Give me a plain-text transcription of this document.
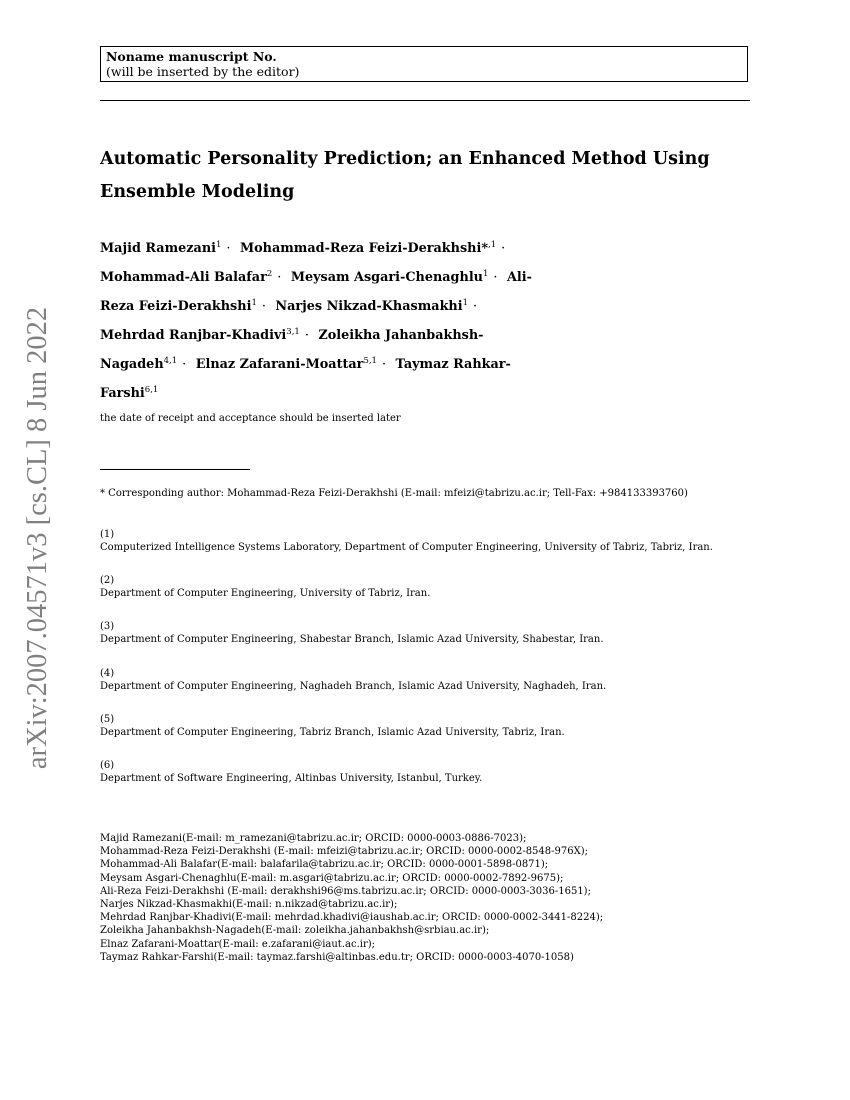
Noname manuscript No.
(will be inserted by the editor)
Automatic Personality Prediction; an Enhanced Method Using Ensemble Modeling
Majid Ramezani$^1$ · Mohammad-Reza Feizi-Derakhshi*$^{,1}$ · Mohammad-Ali Balafar$^2$ · Meysam Asgari-Chenaghlu$^1$ · Ali-Reza Feizi-Derakhshi$^1$ · Narjes Nikzad-Khasmakhi$^1$ · Mehrdad Ranjbar-Khadivi$^{3,1}$ · Zoleikha Jahanbakhsh-Nagadeh$^{4,1}$ · Elnaz Zafarani-Moattar$^{5,1}$ · Taymaz Rahkar-Farshi$^{6,1}$
arXiv:2007.04571v3 [cs.CL] 8 Jun 2022	the date of receipt and acceptance should be inserted later
* Corresponding author: Mohammad-Reza Feizi-Derakhshi (E-mail: mfeizi@tabrizu.ac.ir; Tell-Fax: +984133393760)
(1)
Computerized Intelligence Systems Laboratory, Department of Computer Engineering, University of Tabriz, Tabriz, Iran.
(2)
Department of Computer Engineering, University of Tabriz, Iran.
(3)
Department of Computer Engineering, Shabestar Branch, Islamic Azad University, Shabestar, Iran.
(4)
Department of Computer Engineering, Naghadeh Branch, Islamic Azad University, Naghadeh, Iran.
(5)
Department of Computer Engineering, Tabriz Branch, Islamic Azad University, Tabriz, Iran.
(6)
Department of Software Engineering, Altinbas University, Istanbul, Turkey.
Majid Ramezani(E-mail: m_ramezani@tabrizu.ac.ir; ORCID: 0000-0003-0886-7023);
Mohammad-Reza Feizi-Derakhshi (E-mail: mfeizi@tabrizu.ac.ir; ORCID: 0000-0002-8548-976X);
Mohammad-Ali Balafar(E-mail: balafarila@tabrizu.ac.ir; ORCID: 0000-0001-5898-0871);
Meysam Asgari-Chenaghlu(E-mail: m.asgari@tabrizu.ac.ir; ORCID: 0000-0002-7892-9675);
Ali-Reza Feizi-Derakhshi (E-mail: derakhshi96@ms.tabrizu.ac.ir; ORCID: 0000-0003-3036-1651);
Narjes Nikzad-Khasmakhi(E-mail: n.nikzad@tabrizu.ac.ir);
Mehrdad Ranjbar-Khadivi(E-mail: mehrdad.khadivi@iaushab.ac.ir; ORCID: 0000-0002-3441-8224);
Zoleikha Jahanbakhsh-Nagadeh(E-mail: zoleikha.jahanbakhsh@srbiau.ac.ir);
Elnaz Zafarani-Moattar(E-mail: e.zafarani@iaut.ac.ir);
Taymaz Rahkar-Farshi(E-mail: taymaz.farshi@altinbas.edu.tr; ORCID: 0000-0003-4070-1058)
